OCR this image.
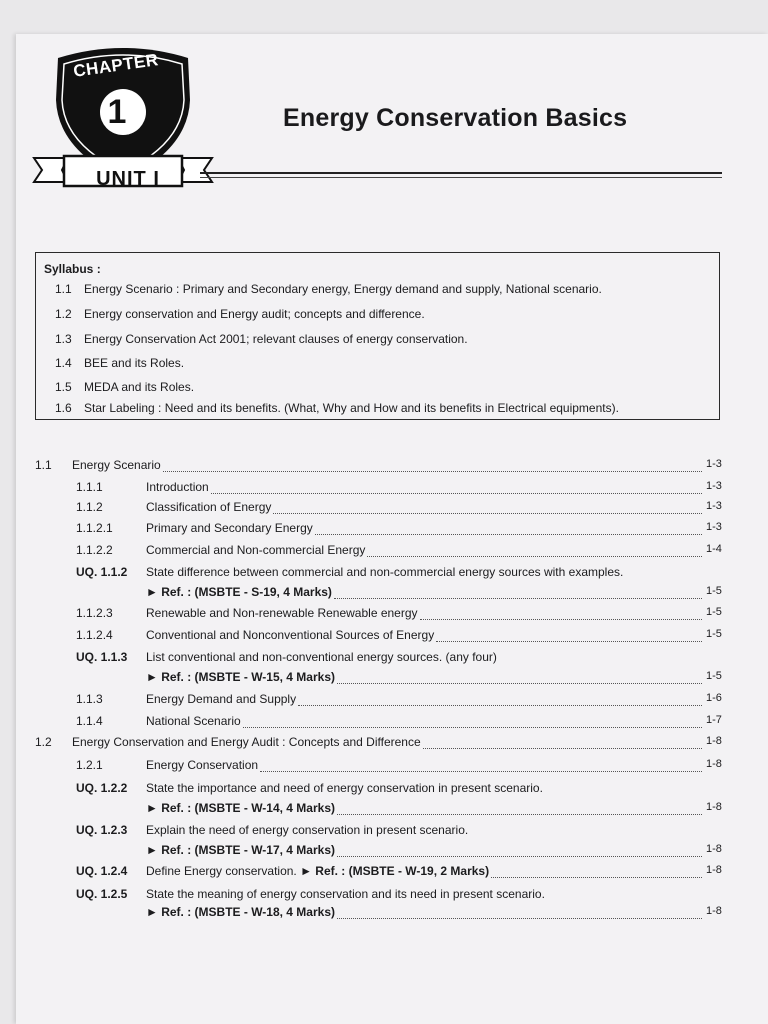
CHAPTER
1
UNIT I
Energy Conservation Basics
Syllabus :
1.1 Energy Scenario : Primary and Secondary energy, Energy demand and supply, National scenario.
1.2 Energy conservation and Energy audit; concepts and difference.
1.3 Energy Conservation Act 2001; relevant clauses of energy conservation.
1.4 BEE and its Roles.
1.5 MEDA and its Roles.
1.6 Star Labeling : Need and its benefits. (What, Why and How and its benefits in Electrical equipments).
1.1 Energy Scenario	1-3
1.1.1	Introduction	1-3
1.1.2	Classification of Energy	1-3
1.1.2.1	Primary and Secondary Energy	1-3
1.1.2.2	Commercial and Non-commercial Energy	1-4
UQ. 1.1.2 State difference between commercial and non-commercial energy sources with examples.
► Ref. : (MSBTE - S-19, 4 Marks)	1-5
1.1.2.3	Renewable and Non-renewable Renewable energy	1-5
1.1.2.4	Conventional and Nonconventional Sources of Energy	1-5
UQ. 1.1.3 List conventional and non-conventional energy sources. (any four)
► Ref. : (MSBTE - W-15, 4 Marks)	1-5
1.1.3	Energy Demand and Supply	1-6
1.1.4	National Scenario	1-7
1.2 Energy Conservation and Energy Audit : Concepts and Difference	1-8
1.2.1	Energy Conservation	1-8
UQ. 1.2.2 State the importance and need of energy conservation in present scenario.
► Ref. : (MSBTE - W-14, 4 Marks)	1-8
UQ. 1.2.3 Explain the need of energy conservation in present scenario.
► Ref. : (MSBTE - W-17, 4 Marks)	1-8
UQ. 1.2.4 Define Energy conservation. ► Ref. : (MSBTE - W-19, 2 Marks)	1-8
UQ. 1.2.5 State the meaning of energy conservation and its need in present scenario.
► Ref. : (MSBTE - W-18, 4 Marks)	1-8
